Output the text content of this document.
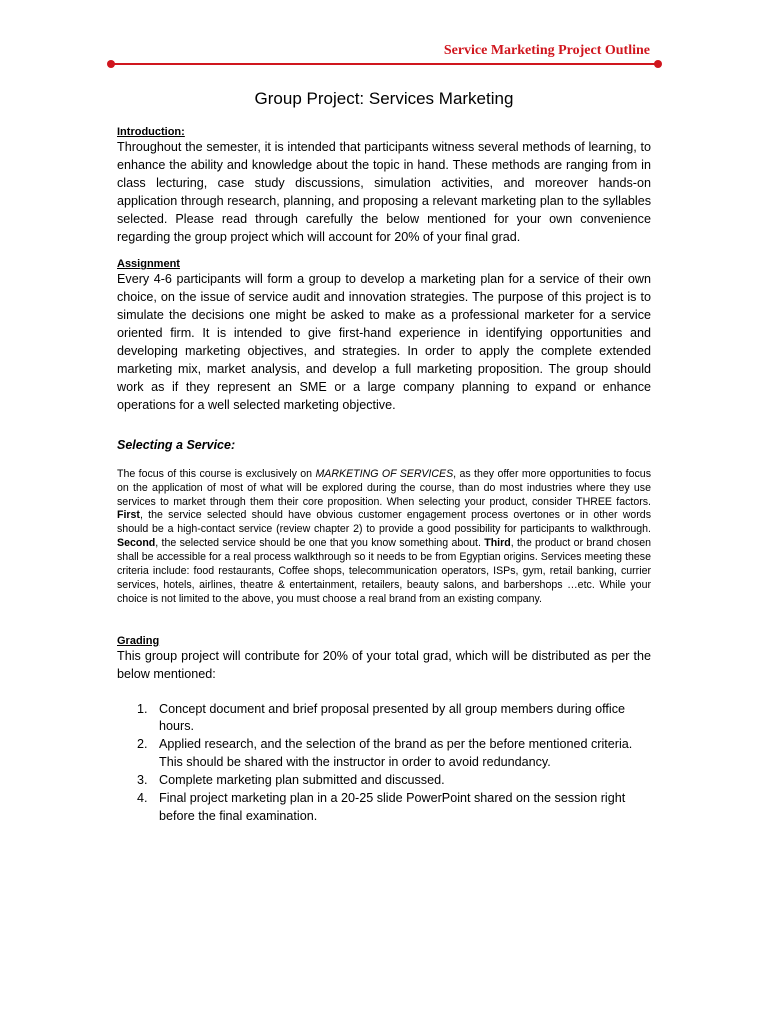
Service Marketing Project Outline
Group Project: Services Marketing

Introduction:

Throughout the semester, it is intended that participants witness several methods of learning, to enhance the ability and knowledge about the topic in hand. These methods are ranging from in class lecturing, case study discussions, simulation activities, and moreover hands-on application through research, planning, and proposing a relevant marketing plan to the syllables selected. Please read through carefully the below mentioned for your own convenience regarding the group project which will account for 20% of your final grad.

Assignment

Every 4-6 participants will form a group to develop a marketing plan for a service of their own choice, on the issue of service audit and innovation strategies. The purpose of this project is to simulate the decisions one might be asked to make as a professional marketer for a service oriented firm. It is intended to give first-hand experience in identifying opportunities and developing marketing objectives, and strategies. In order to apply the complete extended marketing mix, market analysis, and develop a full marketing proposition. The group should work as if they represent an SME or a large company planning to expand or enhance operations for a well selected marketing objective.

Selecting a Service:

The focus of this course is exclusively on MARKETING OF SERVICES, as they offer more opportunities to focus on the application of most of what will be explored during the course, than do most industries where they use services to market through them their core proposition. When selecting your product, consider THREE factors. First, the service selected should have obvious customer engagement process overtones or in other words should be a high-contact service (review chapter 2) to provide a good possibility for participants to walkthrough. Second, the selected service should be one that you know something about. Third, the product or brand chosen shall be accessible for a real process walkthrough so it needs to be from Egyptian origins. Services meeting these criteria include: food restaurants, Coffee shops, telecommunication operators, ISPs, gym, retail banking, currier services, hotels, airlines, theatre & entertainment, retailers, beauty salons, and barbershops …etc. While your choice is not limited to the above, you must choose a real brand from an existing company.

Grading

This group project will contribute for 20% of your total grad, which will be distributed as per the below mentioned:

1. Concept document and brief proposal presented by all group members during office hours.
2. Applied research, and the selection of the brand as per the before mentioned criteria. This should be shared with the instructor in order to avoid redundancy.
3. Complete marketing plan submitted and discussed.
4. Final project marketing plan in a 20-25 slide PowerPoint shared on the session right before the final examination.
